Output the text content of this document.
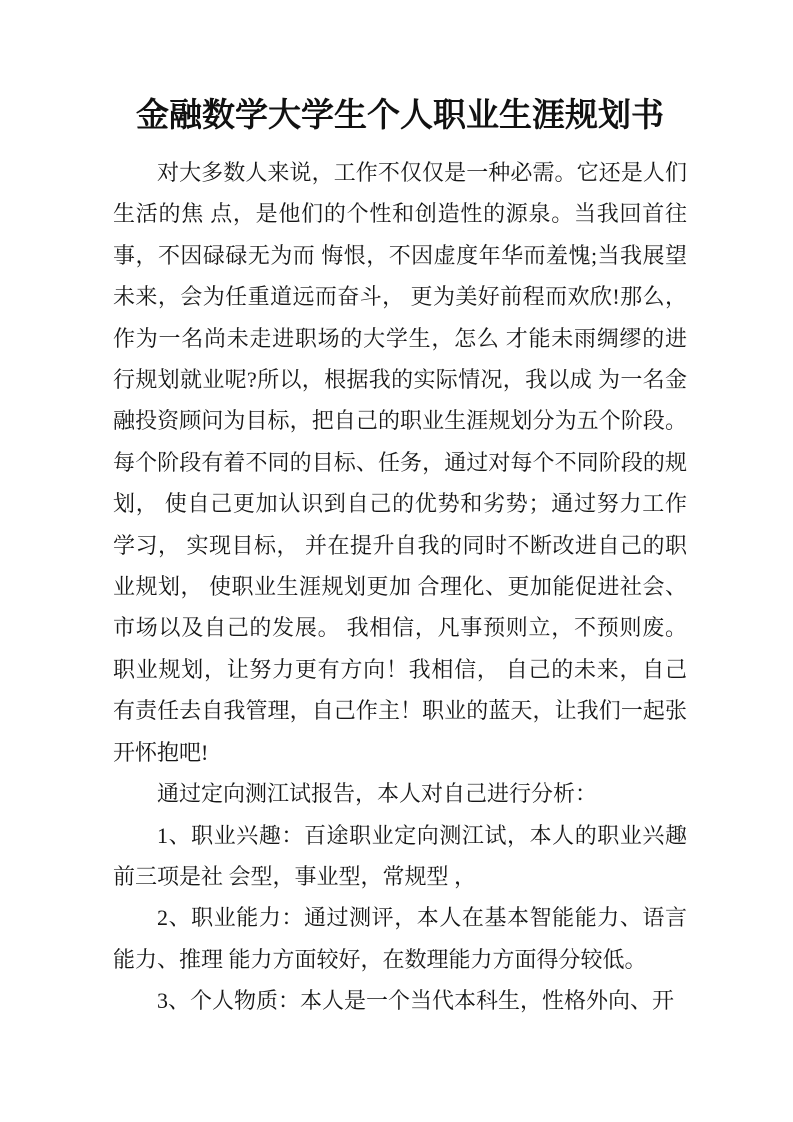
金融数学大学生个人职业生涯规划书
对大多数人来说，工作不仅仅是一种必需。它还是人们
生活的焦 点，是他们的个性和创造性的源泉。当我回首往
事，不因碌碌无为而 悔恨，不因虚度年华而羞愧;当我展望
未来，会为任重道远而奋斗， 更为美好前程而欢欣!那么，
作为一名尚未走进职场的大学生，怎么 才能未雨绸缪的进
行规划就业呢?所以，根据我的实际情况，我以成 为一名金
融投资顾问为目标，把自己的职业生涯规划分为五个阶段。
每个阶段有着不同的目标、任务，通过对每个不同阶段的规
划， 使自己更加认识到自己的优势和劣势；通过努力工作
学习， 实现目标， 并在提升自我的同时不断改进自己的职
业规划， 使职业生涯规划更加 合理化、更加能促进社会、
市场以及自己的发展。 我相信，凡事预则立，不预则废。
职业规划，让努力更有方向！我相信， 自己的未来，自己
有责任去自我管理，自己作主！职业的蓝天，让我们一起张
开怀抱吧!
通过定向测江试报告，本人对自己进行分析：
1、职业兴趣：百途职业定向测江试，本人的职业兴趣
前三项是社 会型，事业型，常规型 ，
2、职业能力：通过测评，本人在基本智能能力、语言
能力、推理 能力方面较好，在数理能力方面得分较低。
3、个人物质：本人是一个当代本科生，性格外向、开
